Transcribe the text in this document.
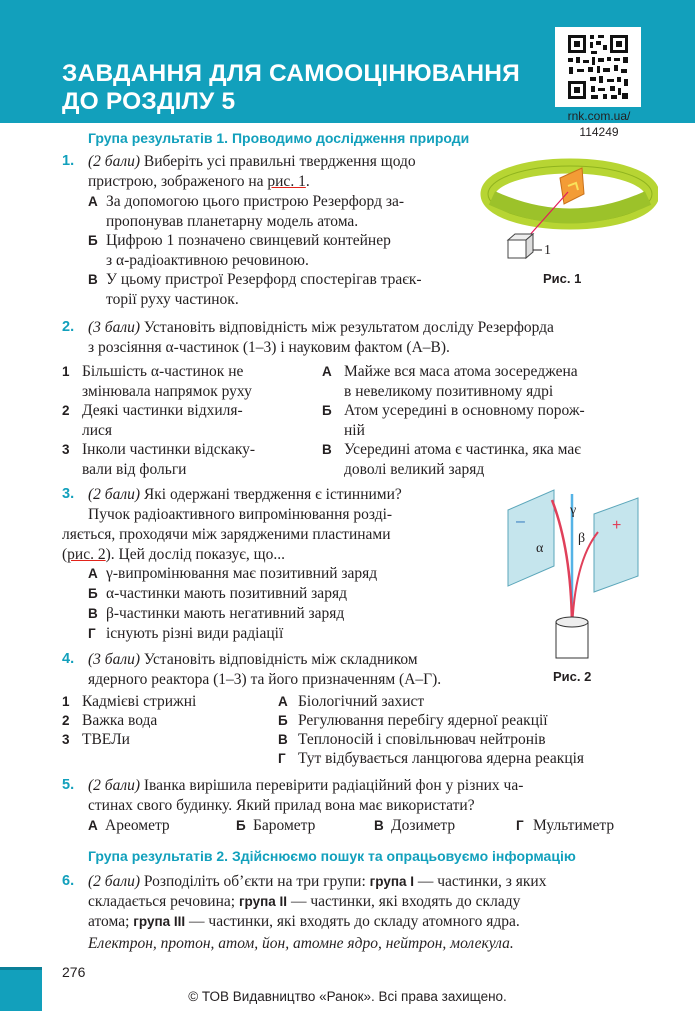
ЗАВДАННЯ ДЛЯ САМООЦІНЮВАННЯ
ДО РОЗДІЛУ 5
rnk.com.ua/
114249
Група результатів 1. Проводимо дослідження природи
1. (2 бали) Виберіть усі правильні твердження щодо
пристрою, зображеного на рис. 1.
А За допомогою цього пристрою Резерфорд за-
пропонував планетарну модель атома.
Б Цифрою 1 позначено свинцевий контейнер
з α-радіоактивною речовиною.
В У цьому пристрої Резерфорд спостерігав траєк-
торії руху частинок.
1
Рис. 1
2. (3 бали) Установіть відповідність між результатом досліду Резерфорда
з розсіяння α-частинок (1–3) і науковим фактом (А–В).
1 Більшість α-частинок не
змінювала напрямок руху
2 Деякі частинки відхиля-
лися
3 Інколи частинки відскаку-
вали від фольги
А Майже вся маса атома зосереджена
в невеликому позитивному ядрі
Б Атом усередині в основному порож-
ній
В Усередині атома є частинка, яка має
доволі великий заряд
3. (2 бали) Які одержані твердження є істинними?
Пучок радіоактивного випромінювання розді-
ляється, проходячи між зарядженими пластинами
(рис. 2). Цей дослід показує, що...
А γ-випромінювання має позитивний заряд
Б α-частинки мають позитивний заряд
В β-частинки мають негативний заряд
Г існують різні види радіації
–	+
γ
α
β
Рис. 2
4. (3 бали) Установіть відповідність між складником
ядерного реактора (1–3) та його призначенням (А–Г).
1 Кадмієві стрижні
2 Важка вода
3 ТВЕЛи
А Біологічний захист
Б Регулювання перебігу ядерної реакції
В Теплоносій і сповільнювач нейтронів
Г Тут відбувається ланцюгова ядерна реакція
5. (2 бали) Іванка вирішила перевірити радіаційний фон у різних ча-
стинах свого будинку. Який прилад вона має використати?
А Ареометр	Б Барометр	В Дозиметр	Г Мультиметр
Група результатів 2. Здійснюємо пошук та опрацьовуємо інформацію
6. (2 бали) Розподіліть об’єкти на три групи: група I — частинки, з яких
складається речовина; група II — частинки, які входять до складу
атома; група III — частинки, які входять до складу атомного ядра.
Електрон, протон, атом, йон, атомне ядро, нейтрон, молекула.
276
© ТОВ Видавництво «Ранок». Всі права захищено.
